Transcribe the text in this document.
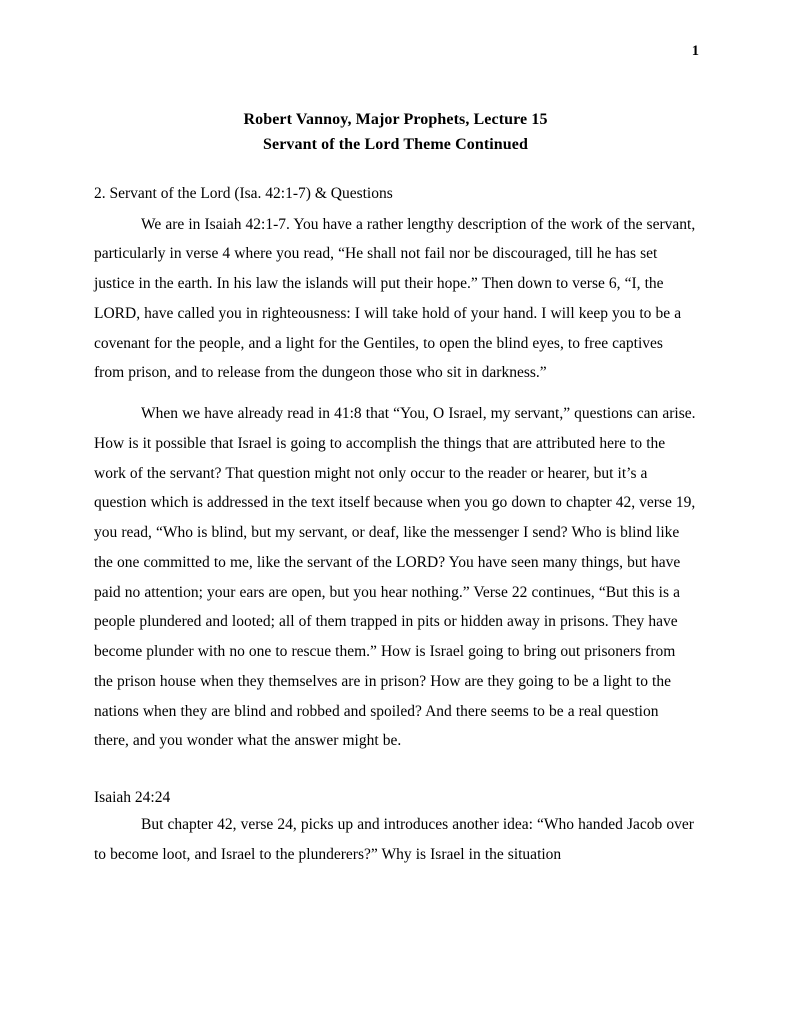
1
Robert Vannoy, Major Prophets, Lecture 15
Servant of the Lord Theme Continued
2. Servant of the Lord (Isa. 42:1-7) & Questions

We are in Isaiah 42:1-7. You have a rather lengthy description of the work of the servant, particularly in verse 4 where you read, “He shall not fail nor be discouraged, till he has set justice in the earth. In his law the islands will put their hope.” Then down to verse 6, “I, the LORD, have called you in righteousness: I will take hold of your hand. I will keep you to be a covenant for the people, and a light for the Gentiles, to open the blind eyes, to free captives from prison, and to release from the dungeon those who sit in darkness.”

When we have already read in 41:8 that “You, O Israel, my servant,” questions can arise. How is it possible that Israel is going to accomplish the things that are attributed here to the work of the servant? That question might not only occur to the reader or hearer, but it’s a question which is addressed in the text itself because when you go down to chapter 42, verse 19, you read, “Who is blind, but my servant, or deaf, like the messenger I send? Who is blind like the one committed to me, like the servant of the LORD? You have seen many things, but have paid no attention; your ears are open, but you hear nothing.” Verse 22 continues, “But this is a people plundered and looted; all of them trapped in pits or hidden away in prisons. They have become plunder with no one to rescue them.” How is Israel going to bring out prisoners from the prison house when they themselves are in prison? How are they going to be a light to the nations when they are blind and robbed and spoiled? And there seems to be a real question there, and you wonder what the answer might be.

Isaiah 24:24

But chapter 42, verse 24, picks up and introduces another idea: “Who handed Jacob over to become loot, and Israel to the plunderers?” Why is Israel in the situation
